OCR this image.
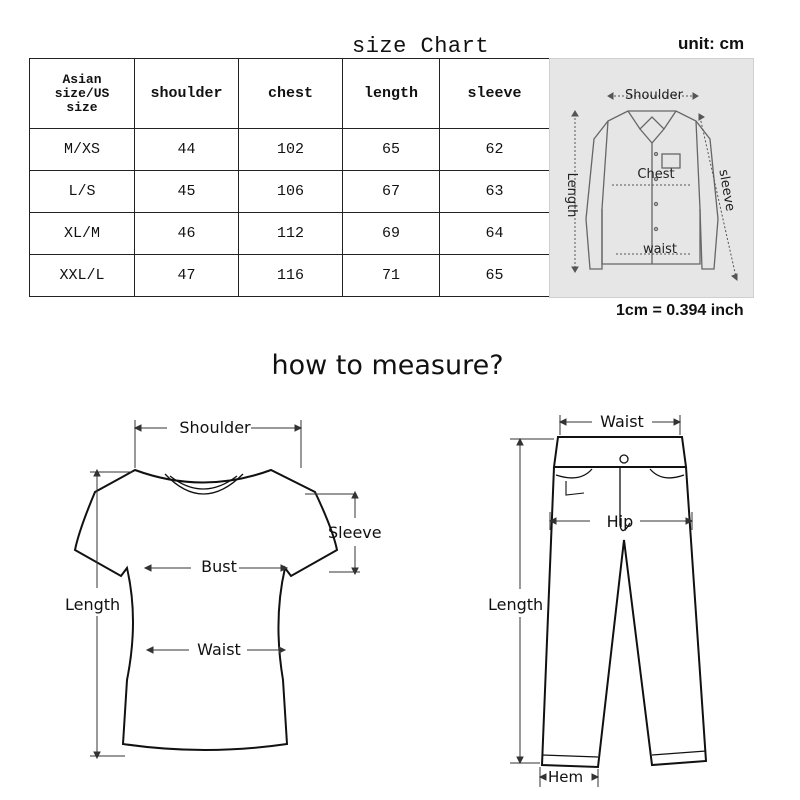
size Chart	unit: cm
Asian
size/US
size	shoulder	chest	length	sleeve
M/XS	44	102	65	62
L/S	45	106	67	63
XL/M	46	112	69	64
XXL/L	47	116	71	65
Shoulder
Chest
waist
Length	sleeve
1cm = 0.394 inch
how to measure?
Shoulder
Sleeve
Bust
Length
Waist
Waist
Hip
Length
Hem
